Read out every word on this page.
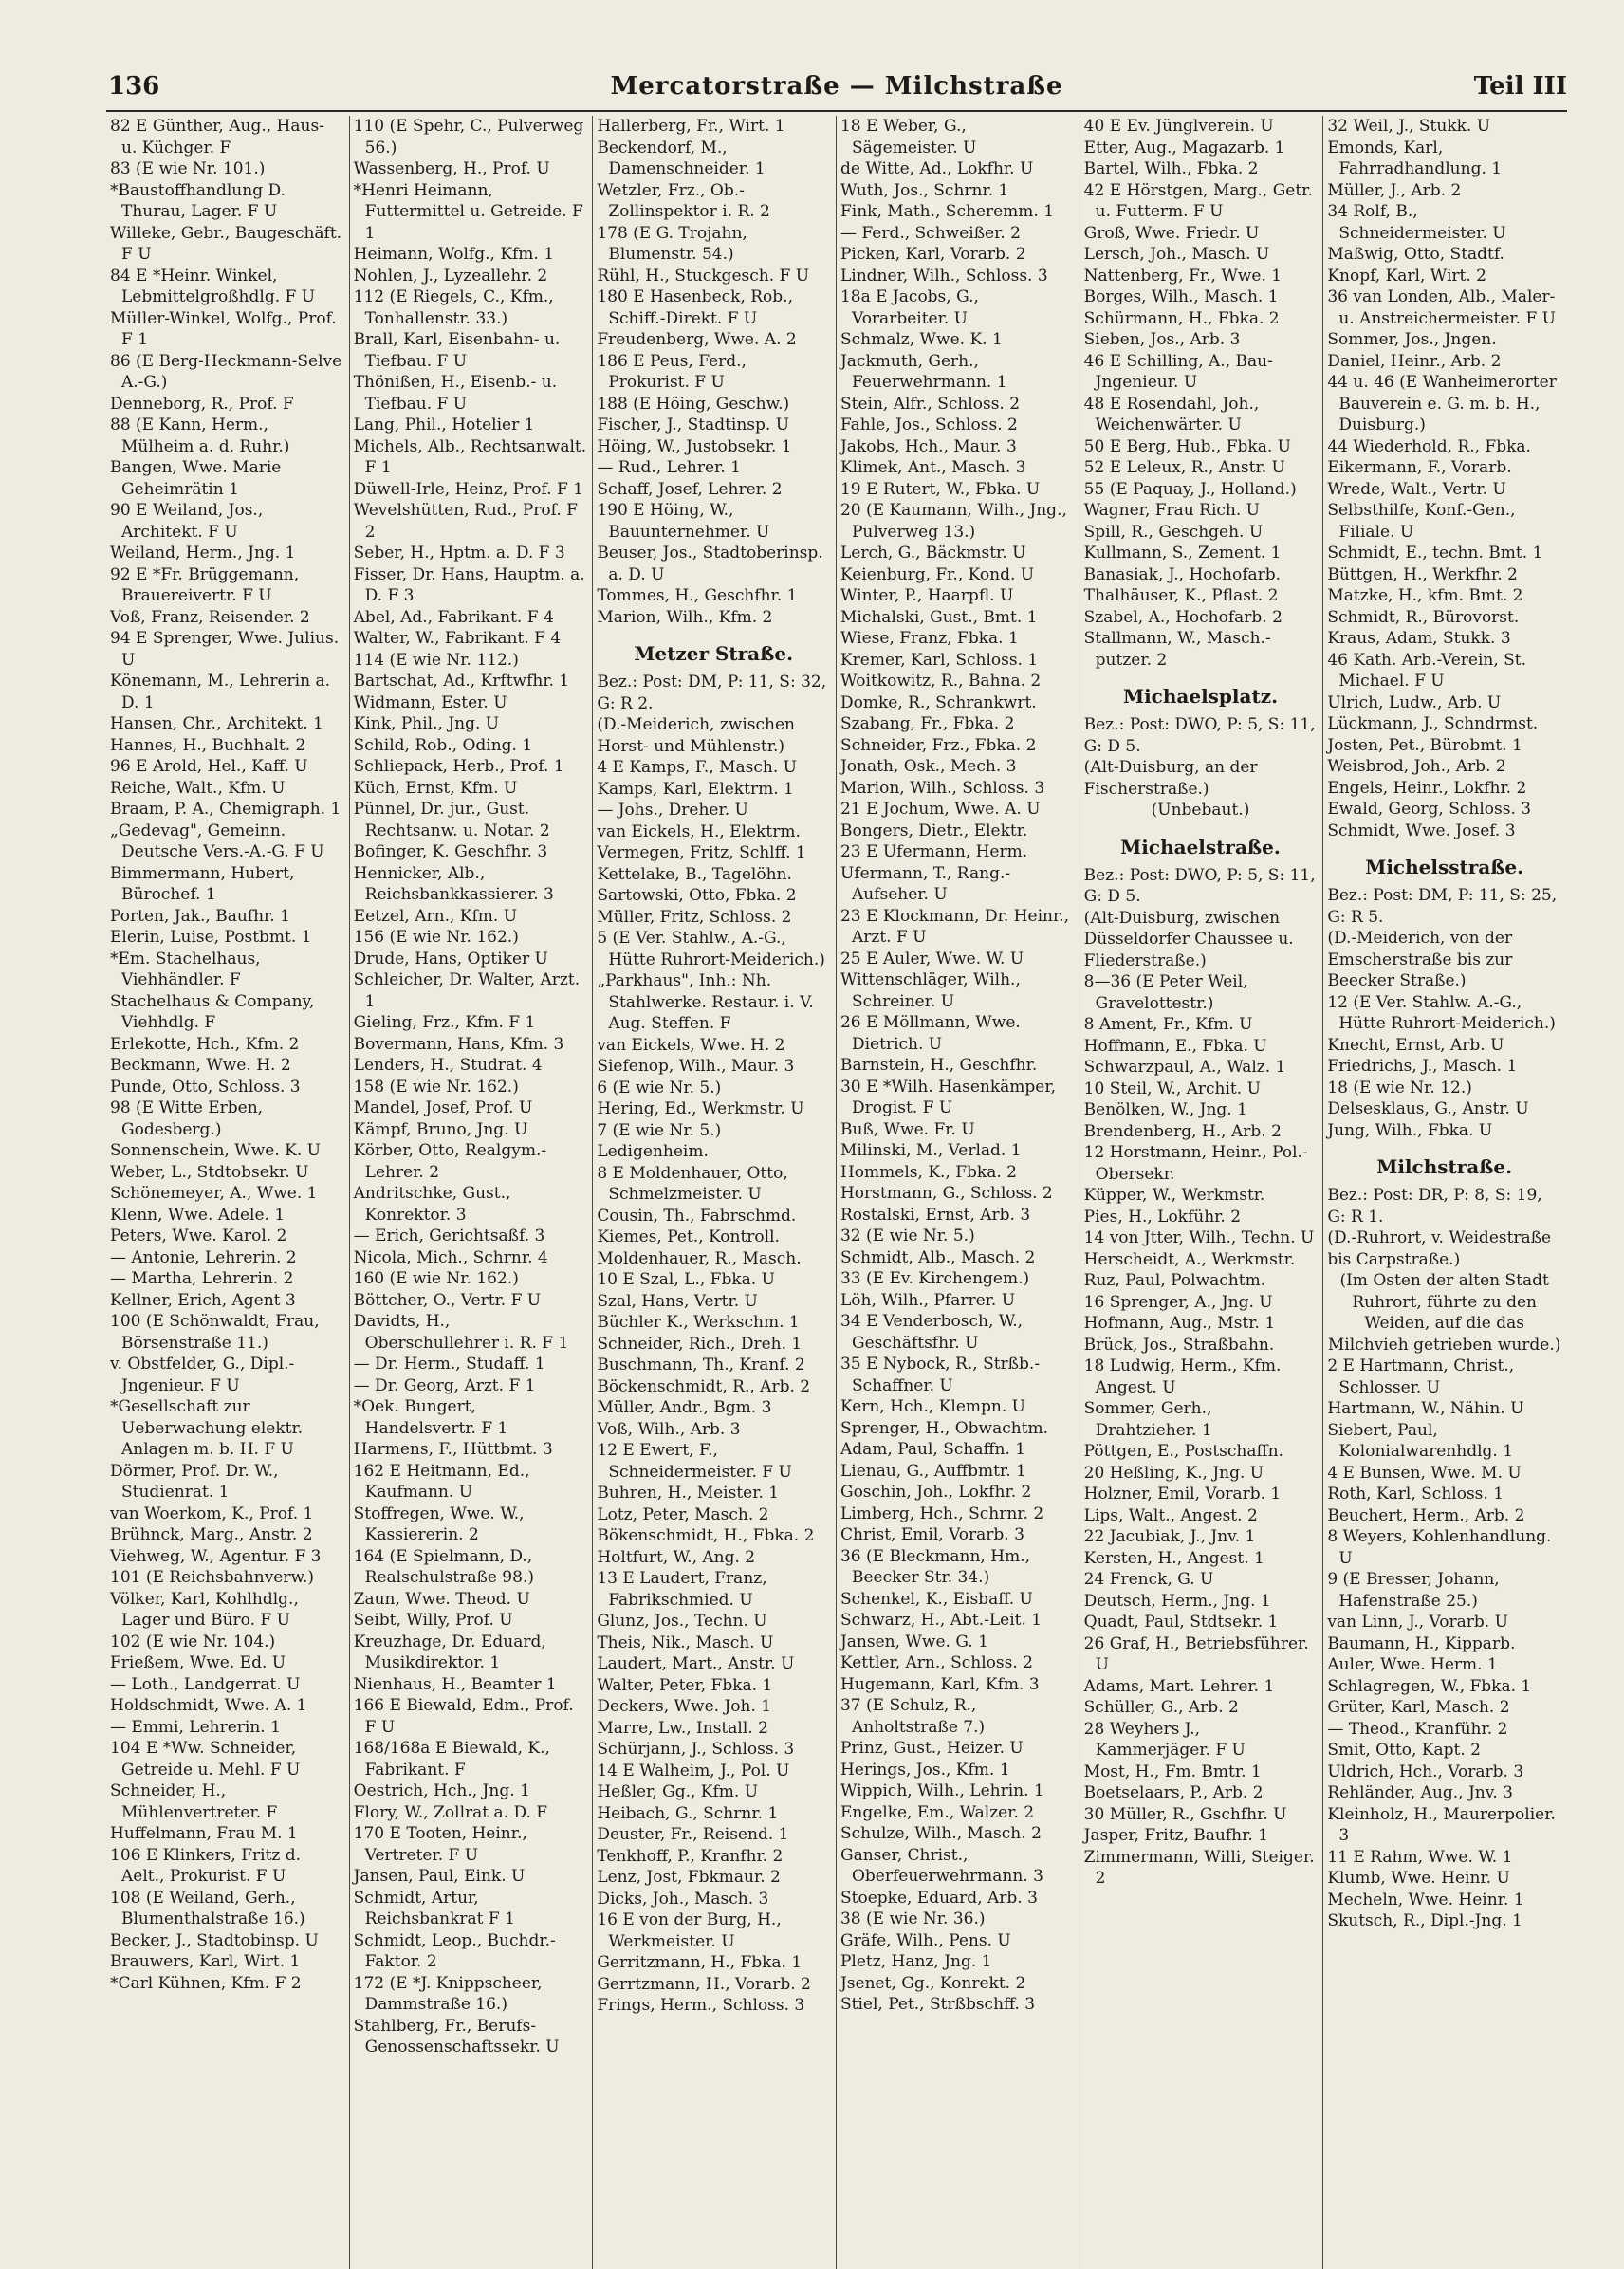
136	Mercatorstraße — Milchstraße	Teil III

82 E Günther, Aug., Haus- u. Küchger. F

83 (E wie Nr. 101.)

*Baustoffhandlung D. Thurau, Lager. F U

Willeke, Gebr., Baugeschäft. F U

84 E *Heinr. Winkel, Lebmittelgroßhdlg. F U

Müller-Winkel, Wolfg., Prof. F 1

86 (E Berg-Heckmann-Selve A.-G.)

Denneborg, R., Prof. F

88 (E Kann, Herm., Mülheim a. d. Ruhr.)

Bangen, Wwe. Marie Geheimrätin 1

90 E Weiland, Jos., Architekt. F U

Weiland, Herm., Jng. 1

92 E *Fr. Brüggemann, Brauereivertr. F U

Voß, Franz, Reisender. 2

94 E Sprenger, Wwe. Julius. U

Könemann, M., Lehrerin a. D. 1

Hansen, Chr., Architekt. 1

Hannes, H., Buchhalt. 2

96 E Arold, Hel., Kaff. U

Reiche, Walt., Kfm. U

Braam, P. A., Chemigraph. 1

„Gedevag", Gemeinn. Deutsche Vers.-A.-G. F U

Bimmermann, Hubert, Bürochef. 1

Porten, Jak., Baufhr. 1

Elerin, Luise, Postbmt. 1

*Em. Stachelhaus, Viehhändler. F

Stachelhaus & Company, Viehhdlg. F

Erlekotte, Hch., Kfm. 2

Beckmann, Wwe. H. 2

Punde, Otto, Schloss. 3

98 (E Witte Erben, Godesberg.)

Sonnenschein, Wwe. K. U

Weber, L., Stdtobsekr. U

Schönemeyer, A., Wwe. 1

Klenn, Wwe. Adele. 1

Peters, Wwe. Karol. 2

— Antonie, Lehrerin. 2

— Martha, Lehrerin. 2

Kellner, Erich, Agent 3

100 (E Schönwaldt, Frau, Börsenstraße 11.)

v. Obstfelder, G., Dipl.-Jngenieur. F U

*Gesellschaft zur Ueberwachung elektr. Anlagen m. b. H. F U

Dörmer, Prof. Dr. W., Studienrat. 1

van Woerkom, K., Prof. 1

Brühnck, Marg., Anstr. 2

Viehweg, W., Agentur. F 3

101 (E Reichsbahnverw.)

Völker, Karl, Kohlhdlg., Lager und Büro. F U

102 (E wie Nr. 104.)

Frießem, Wwe. Ed. U

— Loth., Landgerrat. U

Holdschmidt, Wwe. A. 1

— Emmi, Lehrerin. 1

104 E *Ww. Schneider, Getreide u. Mehl. F U

Schneider, H., Mühlenvertreter. F

Huffelmann, Frau M. 1

106 E Klinkers, Fritz d. Aelt., Prokurist. F U

108 (E Weiland, Gerh., Blumenthalstraße 16.)

Becker, J., Stadtobinsp. U

Brauwers, Karl, Wirt. 1

*Carl Kühnen, Kfm. F 2

110 (E Spehr, C., Pulverweg 56.)

Wassenberg, H., Prof. U

*Henri Heimann, Futtermittel u. Getreide. F 1

Heimann, Wolfg., Kfm. 1

Nohlen, J., Lyzeallehr. 2

112 (E Riegels, C., Kfm., Tonhallenstr. 33.)

Brall, Karl, Eisenbahn- u. Tiefbau. F U

Thönißen, H., Eisenb.- u. Tiefbau. F U

Lang, Phil., Hotelier 1

Michels, Alb., Rechtsanwalt. F 1

Düwell-Irle, Heinz, Prof. F 1

Wevelshütten, Rud., Prof. F 2

Seber, H., Hptm. a. D. F 3

Fisser, Dr. Hans, Hauptm. a. D. F 3

Abel, Ad., Fabrikant. F 4

Walter, W., Fabrikant. F 4

114 (E wie Nr. 112.)

Bartschat, Ad., Krftwfhr. 1

Widmann, Ester. U

Kink, Phil., Jng. U

Schild, Rob., Oding. 1

Schliepack, Herb., Prof. 1

Küch, Ernst, Kfm. U

Pünnel, Dr. jur., Gust. Rechtsanw. u. Notar. 2

Bofinger, K. Geschfhr. 3

Hennicker, Alb., Reichsbankkassierer. 3

Eetzel, Arn., Kfm. U

156 (E wie Nr. 162.)

Drude, Hans, Optiker U

Schleicher, Dr. Walter, Arzt. 1

Gieling, Frz., Kfm. F 1

Bovermann, Hans, Kfm. 3

Lenders, H., Studrat. 4

158 (E wie Nr. 162.)

Mandel, Josef, Prof. U

Kämpf, Bruno, Jng. U

Körber, Otto, Realgym.-Lehrer. 2

Andritschke, Gust., Konrektor. 3

— Erich, Gerichtsaßf. 3

Nicola, Mich., Schrnr. 4

160 (E wie Nr. 162.)

Böttcher, O., Vertr. F U

Davidts, H., Oberschullehrer i. R. F 1

— Dr. Herm., Studaff. 1

— Dr. Georg, Arzt. F 1

*Oek. Bungert, Handelsvertr. F 1

Harmens, F., Hüttbmt. 3

162 E Heitmann, Ed., Kaufmann. U

Stoffregen, Wwe. W., Kassiererin. 2

164 (E Spielmann, D., Realschulstraße 98.)

Zaun, Wwe. Theod. U

Seibt, Willy, Prof. U

Kreuzhage, Dr. Eduard, Musikdirektor. 1

Nienhaus, H., Beamter 1

166 E Biewald, Edm., Prof. F U

168/168a E Biewald, K., Fabrikant. F

Oestrich, Hch., Jng. 1

Flory, W., Zollrat a. D. F

170 E Tooten, Heinr., Vertreter. F U

Jansen, Paul, Eink. U

Schmidt, Artur, Reichsbankrat F 1

Schmidt, Leop., Buchdr.-Faktor. 2

172 (E *J. Knippscheer, Dammstraße 16.)

Stahlberg, Fr., Berufs-Genossenschaftssekr. U

Hallerberg, Fr., Wirt. 1

Beckendorf, M., Damenschneider. 1

Wetzler, Frz., Ob.-Zollinspektor i. R. 2

178 (E G. Trojahn, Blumenstr. 54.)

Rühl, H., Stuckgesch. F U

180 E Hasenbeck, Rob., Schiff.-Direkt. F U

Freudenberg, Wwe. A. 2

186 E Peus, Ferd., Prokurist. F U

188 (E Höing, Geschw.)

Fischer, J., Stadtinsp. U

Höing, W., Justobsekr. 1

— Rud., Lehrer. 1

Schaff, Josef, Lehrer. 2

190 E Höing, W., Bauunternehmer. U

Beuser, Jos., Stadtoberinsp. a. D. U

Tommes, H., Geschfhr. 1

Marion, Wilh., Kfm. 2

Metzer Straße.

Bez.: Post: DM, P: 11, S: 32, G: R 2.

(D.-Meiderich, zwischen Horst- und Mühlenstr.)

4 E Kamps, F., Masch. U

Kamps, Karl, Elektrm. 1

— Johs., Dreher. U

van Eickels, H., Elektrm.

Vermegen, Fritz, Schlff. 1

Kettelake, B., Tagelöhn.

Sartowski, Otto, Fbka. 2

Müller, Fritz, Schloss. 2

5 (E Ver. Stahlw., A.-G., Hütte Ruhrort-Meiderich.)

„Parkhaus", Inh.: Nh. Stahlwerke. Restaur. i. V. Aug. Steffen. F

van Eickels, Wwe. H. 2

Siefenop, Wilh., Maur. 3

6 (E wie Nr. 5.)

Hering, Ed., Werkmstr. U

7 (E wie Nr. 5.)

Ledigenheim.

8 E Moldenhauer, Otto, Schmelzmeister. U

Cousin, Th., Fabrschmd.

Kiemes, Pet., Kontroll.

Moldenhauer, R., Masch.

10 E Szal, L., Fbka. U

Szal, Hans, Vertr. U

Büchler K., Werkschm. 1

Schneider, Rich., Dreh. 1

Buschmann, Th., Kranf. 2

Böckenschmidt, R., Arb. 2

Müller, Andr., Bgm. 3

Voß, Wilh., Arb. 3

12 E Ewert, F., Schneidermeister. F U

Buhren, H., Meister. 1

Lotz, Peter, Masch. 2

Bökenschmidt, H., Fbka. 2

Holtfurt, W., Ang. 2

13 E Laudert, Franz, Fabrikschmied. U

Glunz, Jos., Techn. U

Theis, Nik., Masch. U

Laudert, Mart., Anstr. U

Walter, Peter, Fbka. 1

Deckers, Wwe. Joh. 1

Marre, Lw., Install. 2

Schürjann, J., Schloss. 3

14 E Walheim, J., Pol. U

Heßler, Gg., Kfm. U

Heibach, G., Schrnr. 1

Deuster, Fr., Reisend. 1

Tenkhoff, P., Kranfhr. 2

Lenz, Jost, Fbkmaur. 2

Dicks, Joh., Masch. 3

16 E von der Burg, H., Werkmeister. U

Gerritzmann, H., Fbka. 1

Gerrtzmann, H., Vorarb. 2

Frings, Herm., Schloss. 3

18 E Weber, G., Sägemeister. U

de Witte, Ad., Lokfhr. U

Wuth, Jos., Schrnr. 1

Fink, Math., Scheremm. 1

— Ferd., Schweißer. 2

Picken, Karl, Vorarb. 2

Lindner, Wilh., Schloss. 3

18a E Jacobs, G., Vorarbeiter. U

Schmalz, Wwe. K. 1

Jackmuth, Gerh., Feuerwehrmann. 1

Stein, Alfr., Schloss. 2

Fahle, Jos., Schloss. 2

Jakobs, Hch., Maur. 3

Klimek, Ant., Masch. 3

19 E Rutert, W., Fbka. U

20 (E Kaumann, Wilh., Jng., Pulverweg 13.)

Lerch, G., Bäckmstr. U

Keienburg, Fr., Kond. U

Winter, P., Haarpfl. U

Michalski, Gust., Bmt. 1

Wiese, Franz, Fbka. 1

Kremer, Karl, Schloss. 1

Woitkowitz, R., Bahna. 2

Domke, R., Schrankwrt.

Szabang, Fr., Fbka. 2

Schneider, Frz., Fbka. 2

Jonath, Osk., Mech. 3

Marion, Wilh., Schloss. 3

21 E Jochum, Wwe. A. U

Bongers, Dietr., Elektr.

23 E Ufermann, Herm.

Ufermann, T., Rang.-Aufseher. U

23 E Klockmann, Dr. Heinr., Arzt. F U

25 E Auler, Wwe. W. U

Wittenschläger, Wilh., Schreiner. U

26 E Möllmann, Wwe. Dietrich. U

Barnstein, H., Geschfhr.

30 E *Wilh. Hasenkämper, Drogist. F U

Buß, Wwe. Fr. U

Milinski, M., Verlad. 1

Hommels, K., Fbka. 2

Horstmann, G., Schloss. 2

Rostalski, Ernst, Arb. 3

32 (E wie Nr. 5.)

Schmidt, Alb., Masch. 2

33 (E Ev. Kirchengem.)

Löh, Wilh., Pfarrer. U

34 E Venderbosch, W., Geschäftsfhr. U

35 E Nybock, R., Strßb.-Schaffner. U

Kern, Hch., Klempn. U

Sprenger, H., Obwachtm.

Adam, Paul, Schaffn. 1

Lienau, G., Auffbmtr. 1

Goschin, Joh., Lokfhr. 2

Limberg, Hch., Schrnr. 2

Christ, Emil, Vorarb. 3

36 (E Bleckmann, Hm., Beecker Str. 34.)

Schenkel, K., Eisbaff. U

Schwarz, H., Abt.-Leit. 1

Jansen, Wwe. G. 1

Kettler, Arn., Schloss. 2

Hugemann, Karl, Kfm. 3

37 (E Schulz, R., Anholtstraße 7.)

Prinz, Gust., Heizer. U

Herings, Jos., Kfm. 1

Wippich, Wilh., Lehrin. 1

Engelke, Em., Walzer. 2

Schulze, Wilh., Masch. 2

Ganser, Christ., Oberfeuerwehrmann. 3

Stoepke, Eduard, Arb. 3

38 (E wie Nr. 36.)

Gräfe, Wilh., Pens. U

Pletz, Hanz, Jng. 1

Jsenet, Gg., Konrekt. 2

Stiel, Pet., Strßbschff. 3

40 E Ev. Jünglverein. U

Etter, Aug., Magazarb. 1

Bartel, Wilh., Fbka. 2

42 E Hörstgen, Marg., Getr. u. Futterm. F U

Groß, Wwe. Friedr. U

Lersch, Joh., Masch. U

Nattenberg, Fr., Wwe. 1

Borges, Wilh., Masch. 1

Schürmann, H., Fbka. 2

Sieben, Jos., Arb. 3

46 E Schilling, A., Bau-Jngenieur. U

48 E Rosendahl, Joh., Weichenwärter. U

50 E Berg, Hub., Fbka. U

52 E Leleux, R., Anstr. U

55 (E Paquay, J., Holland.)

Wagner, Frau Rich. U

Spill, R., Geschgeh. U

Kullmann, S., Zement. 1

Banasiak, J., Hochofarb.

Thalhäuser, K., Pflast. 2

Szabel, A., Hochofarb. 2

Stallmann, W., Masch.-putzer. 2

Michaelsplatz.

Bez.: Post: DWO, P: 5, S: 11, G: D 5.

(Alt-Duisburg, an der Fischerstraße.)

(Unbebaut.)

Michaelstraße.

Bez.: Post: DWO, P: 5, S: 11, G: D 5.

(Alt-Duisburg, zwischen Düsseldorfer Chaussee u. Fliederstraße.)

8—36 (E Peter Weil, Gravelottestr.)

8 Ament, Fr., Kfm. U

Hoffmann, E., Fbka. U

Schwarzpaul, A., Walz. 1

10 Steil, W., Archit. U

Benölken, W., Jng. 1

Brendenberg, H., Arb. 2

12 Horstmann, Heinr., Pol.-Obersekr.

Küpper, W., Werkmstr.

Pies, H., Lokführ. 2

14 von Jtter, Wilh., Techn. U

Herscheidt, A., Werkmstr.

Ruz, Paul, Polwachtm.

16 Sprenger, A., Jng. U

Hofmann, Aug., Mstr. 1

Brück, Jos., Straßbahn.

18 Ludwig, Herm., Kfm. Angest. U

Sommer, Gerh., Drahtzieher. 1

Pöttgen, E., Postschaffn.

20 Heßling, K., Jng. U

Holzner, Emil, Vorarb. 1

Lips, Walt., Angest. 2

22 Jacubiak, J., Jnv. 1

Kersten, H., Angest. 1

24 Frenck, G. U

Deutsch, Herm., Jng. 1

Quadt, Paul, Stdtsekr. 1

26 Graf, H., Betriebsführer. U

Adams, Mart. Lehrer. 1

Schüller, G., Arb. 2

28 Weyhers J., Kammerjäger. F U

Most, H., Fm. Bmtr. 1

Boetselaars, P., Arb. 2

30 Müller, R., Gschfhr. U

Jasper, Fritz, Baufhr. 1

Zimmermann, Willi, Steiger. 2

32 Weil, J., Stukk. U

Emonds, Karl, Fahrradhandlung. 1

Müller, J., Arb. 2

34 Rolf, B., Schneidermeister. U

Maßwig, Otto, Stadtf.

Knopf, Karl, Wirt. 2

36 van Londen, Alb., Maler- u. Anstreichermeister. F U

Sommer, Jos., Jngen.

Daniel, Heinr., Arb. 2

44 u. 46 (E Wanheimerorter Bauverein e. G. m. b. H., Duisburg.)

44 Wiederhold, R., Fbka.

Eikermann, F., Vorarb.

Wrede, Walt., Vertr. U

Selbsthilfe, Konf.-Gen., Filiale. U

Schmidt, E., techn. Bmt. 1

Büttgen, H., Werkfhr. 2

Matzke, H., kfm. Bmt. 2

Schmidt, R., Bürovorst.

Kraus, Adam, Stukk. 3

46 Kath. Arb.-Verein, St. Michael. F U

Ulrich, Ludw., Arb. U

Lückmann, J., Schndrmst.

Josten, Pet., Bürobmt. 1

Weisbrod, Joh., Arb. 2

Engels, Heinr., Lokfhr. 2

Ewald, Georg, Schloss. 3

Schmidt, Wwe. Josef. 3

Michelsstraße.

Bez.: Post: DM, P: 11, S: 25, G: R 5.

(D.-Meiderich, von der Emscherstraße bis zur Beecker Straße.)

12 (E Ver. Stahlw. A.-G., Hütte Ruhrort-Meiderich.)

Knecht, Ernst, Arb. U

Friedrichs, J., Masch. 1

18 (E wie Nr. 12.)

Delsesklaus, G., Anstr. U

Jung, Wilh., Fbka. U

Milchstraße.

Bez.: Post: DR, P: 8, S: 19, G: R 1.

(D.-Ruhrort, v. Weidestraße bis Carpstraße.)

(Im Osten der alten Stadt Ruhrort, führte zu den Weiden, auf die das Milchvieh getrieben wurde.)

2 E Hartmann, Christ., Schlosser. U

Hartmann, W., Nähin. U

Siebert, Paul, Kolonialwarenhdlg. 1

4 E Bunsen, Wwe. M. U

Roth, Karl, Schloss. 1

Beuchert, Herm., Arb. 2

8 Weyers, Kohlenhandlung. U

9 (E Bresser, Johann, Hafenstraße 25.)

van Linn, J., Vorarb. U

Baumann, H., Kipparb.

Auler, Wwe. Herm. 1

Schlagregen, W., Fbka. 1

Grüter, Karl, Masch. 2

— Theod., Kranführ. 2

Smit, Otto, Kapt. 2

Uldrich, Hch., Vorarb. 3

Rehländer, Aug., Jnv. 3

Kleinholz, H., Maurerpolier. 3

11 E Rahm, Wwe. W. 1

Klumb, Wwe. Heinr. U

Mecheln, Wwe. Heinr. 1

Skutsch, R., Dipl.-Jng. 1
